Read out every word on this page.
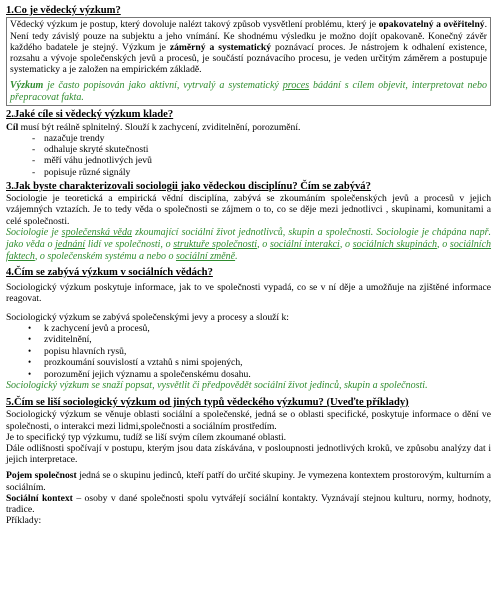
1.Co je vědecký výzkum?

Vědecký výzkum je postup, který dovoluje nalézt takový způsob vysvětlení problému, který je opakovatelný a ověřitelný. Není tedy závislý pouze na subjektu a jeho vnímání. Ke shodnému výsledku je možno dojít opakovaně. Konečný závěr každého badatele je stejný. Výzkum je záměrný a systematický poznávací proces. Je nástrojem k odhalení existence, rozsahu a vývoje společenských jevů a procesů, je součástí poznávacího procesu, je veden určitým záměrem a postupuje systematicky a je založen na empirickém základě.

Výzkum je často popisován jako aktivní, vytrvalý a systematický proces bádání s cílem objevit, interpretovat nebo přepracovat fakta.

2.Jaké cíle si vědecký výzkum klade?

Cíl musí být reálně splnitelný. Slouží k zachycení, zviditelnění, porozumění.

- nazačuje trendy
- odhaluje skryté skutečnosti
- měří váhu jednotlivých jevů
- popisuje různé signály
3.Jak byste charakterizovali sociologii jako vědeckou disciplínu? Čím se zabývá?

Sociologie je teoretická a empirická vědní disciplína, zabývá se zkoumáním společenských jevů a procesů v jejich vzájemných vztazích. Je to tedy věda o společnosti se zájmem o to, co se děje mezi jednotlivci , skupinami, komunitami a celé společnosti.

Sociologie je společenská věda zkoumající sociální život jednotlivců, skupin a společnosti. Sociologie je chápána např. jako věda o jednání lidí ve společnosti, o struktuře společnosti, o sociální interakci, o sociálních skupinách, o sociálních faktech, o společenském systému a nebo o sociální změně.

4.Čím se zabývá výzkum v sociálních vědách?

Sociologický výzkum poskytuje informace, jak to ve společnosti vypadá, co se v ní děje a umožňuje na zjištěné informace reagovat.

Sociologický výzkum se zabývá společenskými jevy a procesy a slouží k:

• k zachycení jevů a procesů,
• zviditelnění,
• popisu hlavních rysů,
• prozkoumání souvislostí a vztahů s nimi spojených,
• porozumění jejich významu a společenskému dosahu.

Sociologický výzkum se snaží popsat, vysvětlit či předpovědět sociální život jedinců, skupin a společnosti.

5.Čím se liší sociologický výzkum od jiných typů vědeckého výzkumu? (Uveďte příklady)

Sociologický výzkum se věnuje oblasti sociální a společenské, jedná se o oblasti specifické, poskytuje informace o dění ve společnosti, o interakci mezi lidmi,společnosti a sociálním prostředím.

Je to specifický typ výzkumu, tudíž se liší svým cílem zkoumané oblasti.

Dále odlišnosti spočívají v postupu, kterým jsou data získávána, v posloupnosti jednotlivých kroků, ve způsobu analýzy dat i jejich interpretace.

Pojem společnost jedná se o skupinu jedinců, kteří patří do určité skupiny. Je vymezena kontextem prostorovým, kulturním a sociálním.

Sociální kontext – osoby v dané společnosti spolu vytvářejí sociální kontakty. Vyznávají stejnou kulturu, normy, hodnoty, tradice.

Příklady:
